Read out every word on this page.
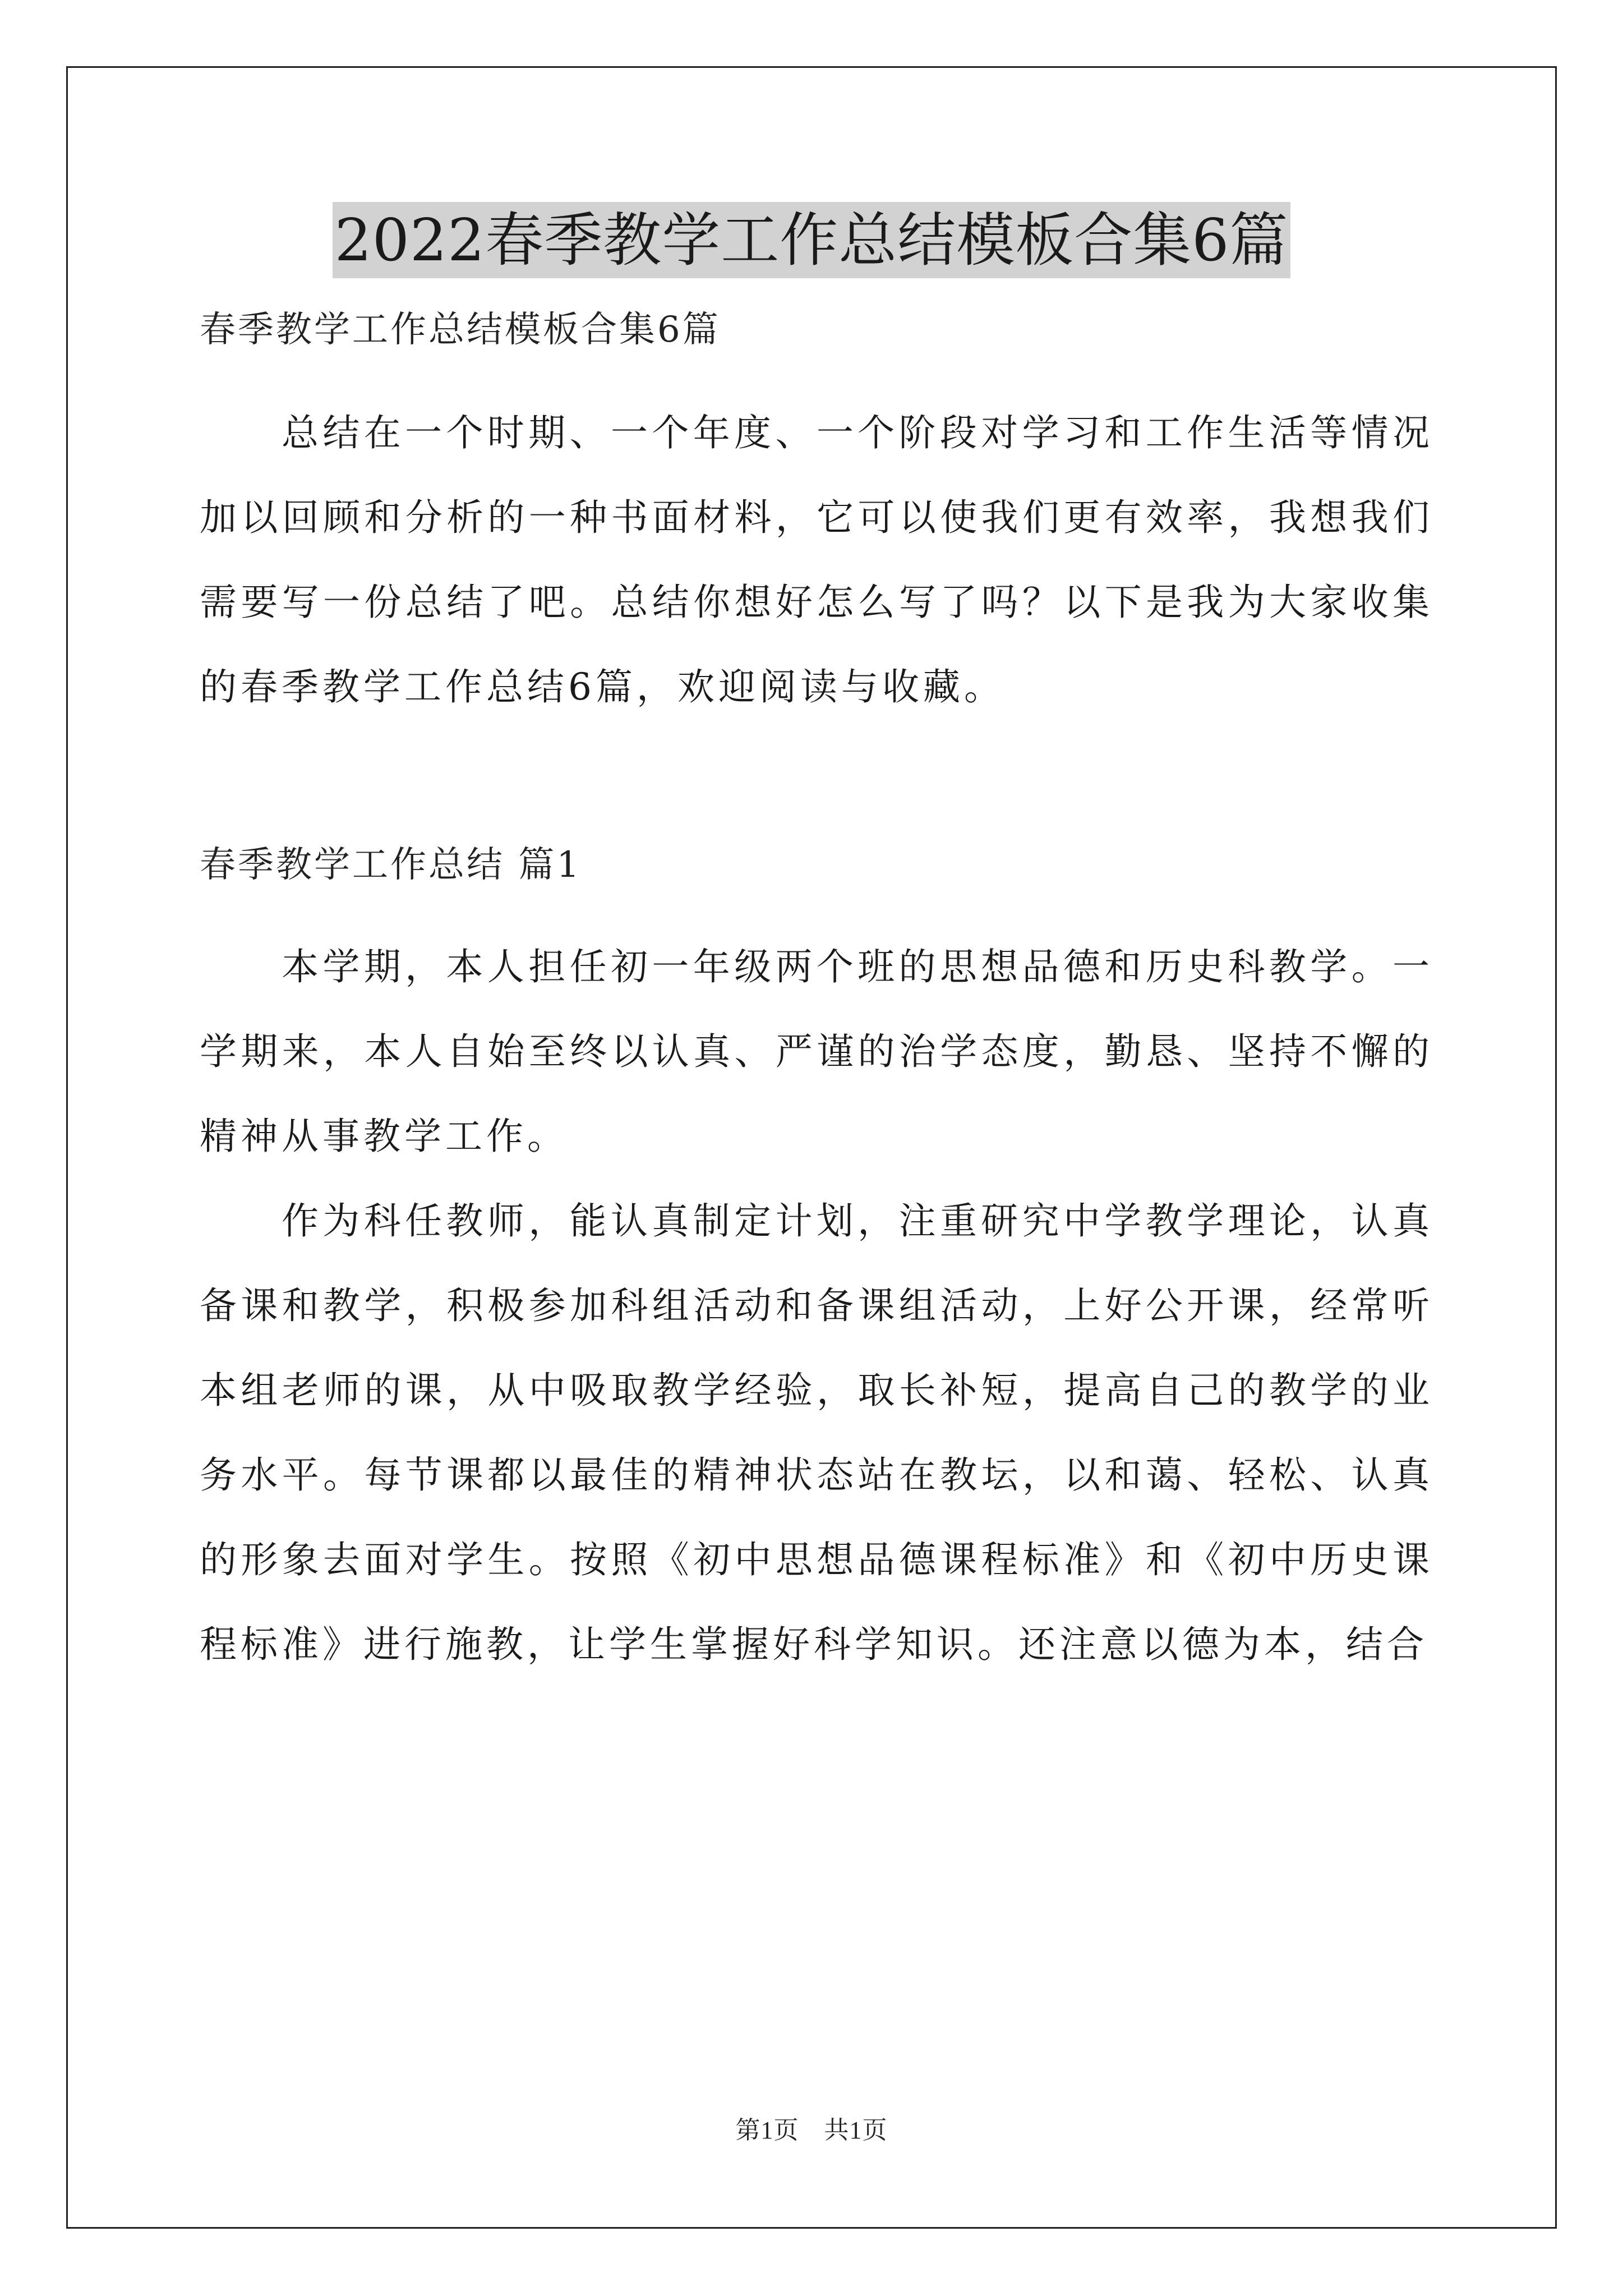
2022春季教学工作总结模板合集6篇

春季教学工作总结模板合集6篇

总结在一个时期、一个年度、一个阶段对学习和工作生活等情况加以回顾和分析的一种书面材料，它可以使我们更有效率，我想我们需要写一份总结了吧。总结你想好怎么写了吗？以下是我为大家收集的春季教学工作总结6篇，欢迎阅读与收藏。

春季教学工作总结 篇1

本学期，本人担任初一年级两个班的思想品德和历史科教学。一学期来，本人自始至终以认真、严谨的治学态度，勤恳、坚持不懈的精神从事教学工作。

作为科任教师，能认真制定计划，注重研究中学教学理论，认真备课和教学，积极参加科组活动和备课组活动，上好公开课，经常听本组老师的课，从中吸取教学经验，取长补短，提高自己的教学的业务水平。每节课都以最佳的精神状态站在教坛，以和蔼、轻松、认真的形象去面对学生。按照《初中思想品德课程标准》和《初中历史课程标准》进行施教，让学生掌握好科学知识。还注意以德为本，结合

第1页　共1页
